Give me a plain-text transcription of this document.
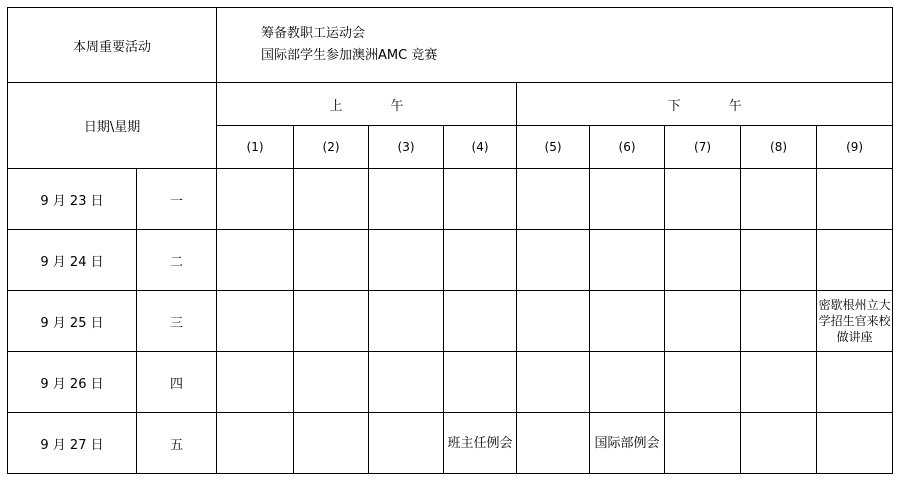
本周重要活动		筹备教职工运动会
国际部学生参加澳洲AMC 竞赛								

日期\星期		上 午				下 午				
		(1)	(2)	(3)	(4)	(5)	(6)	(7)	(8)	(9)
9 月 23 日	一									
9 月 24 日	二									
9 月 25 日	三									密歇根州立大学招生官来校做讲座
9 月 26 日	四									
9 月 27 日	五				班主任例会		国际部例会			
